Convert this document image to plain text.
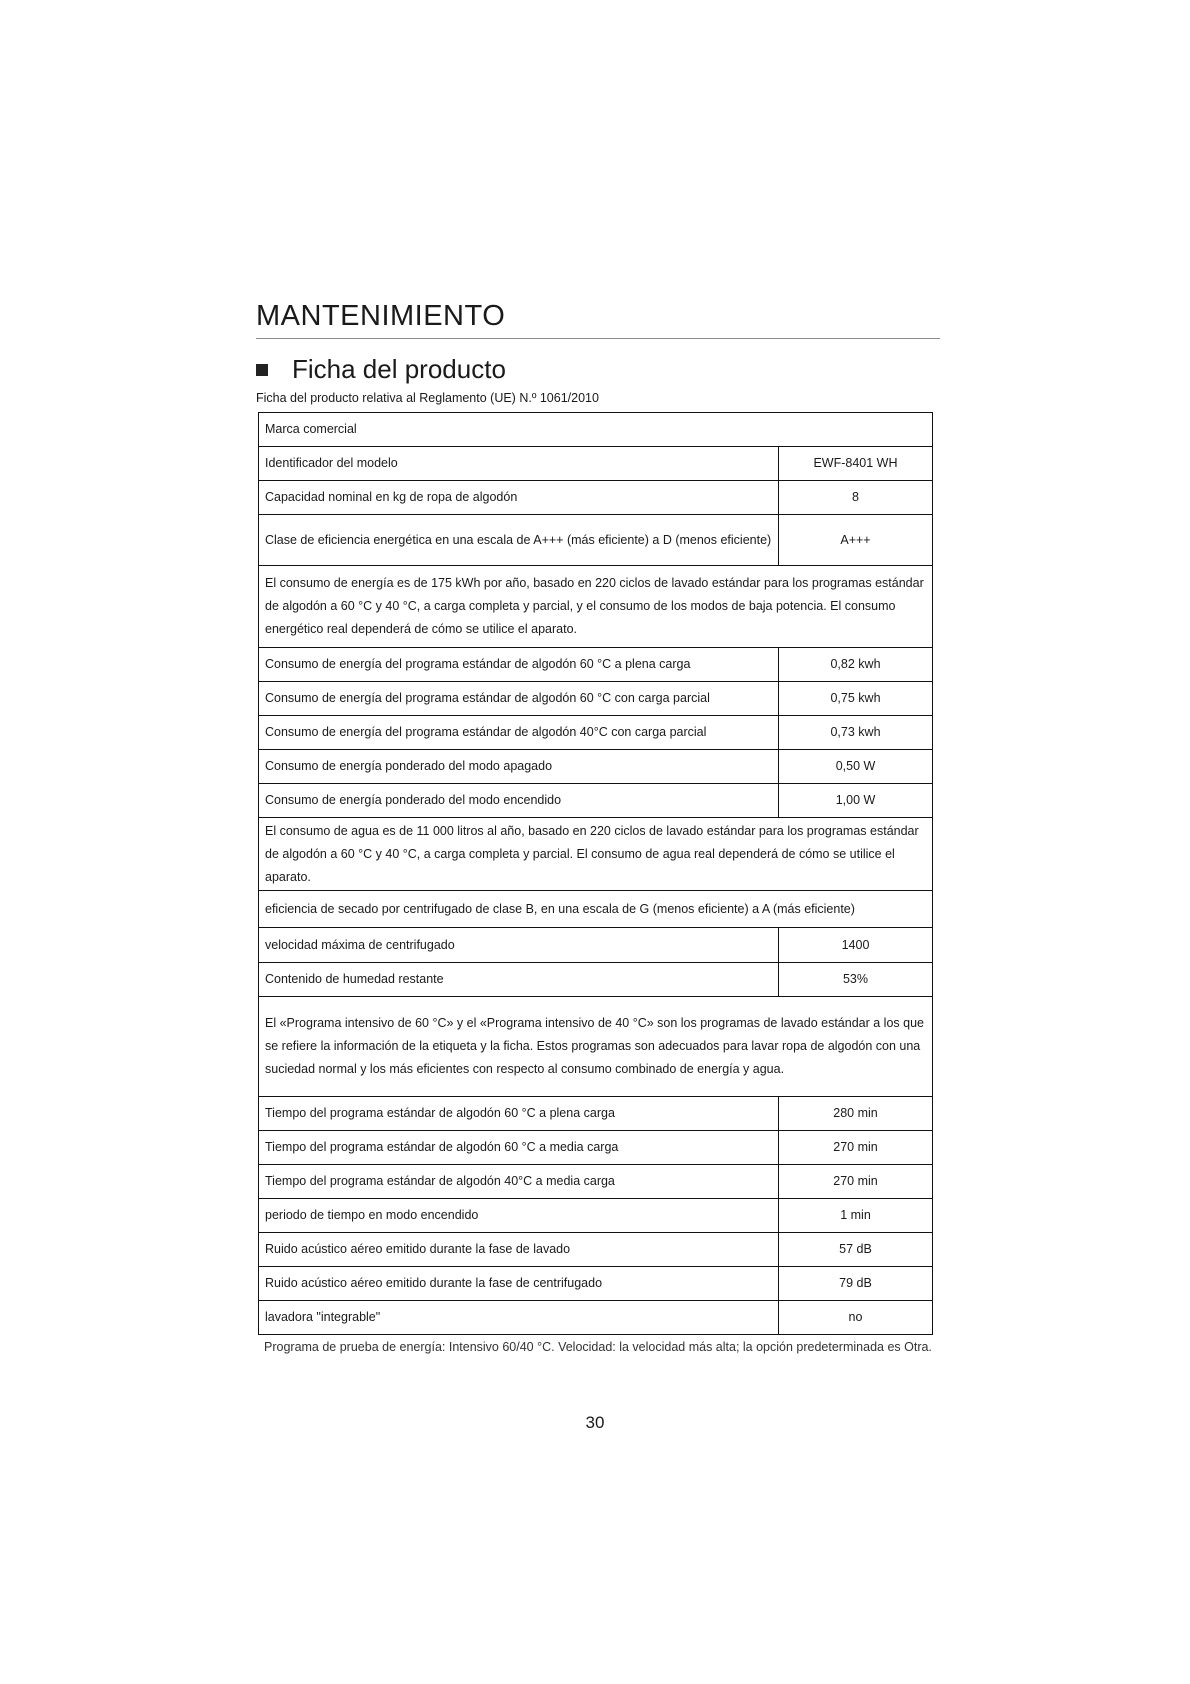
MANTENIMIENTO
Ficha del producto
Ficha del producto relativa al Reglamento (UE) N.º 1061/2010
Marca comercial	
Identificador del modelo	EWF-8401 WH
Capacidad nominal en kg de ropa de algodón	8
Clase de eficiencia energética en una escala de A+++ (más eficiente) a D (menos eficiente)	A+++
El consumo de energía es de 175 kWh por año, basado en 220 ciclos de lavado estándar para los programas estándar de algodón a 60 °C y 40 °C, a carga completa y parcial, y el consumo de los modos de baja potencia. El consumo energético real dependerá de cómo se utilice el aparato.	
Consumo de energía del programa estándar de algodón 60 °C a plena carga	0,82 kwh
Consumo de energía del programa estándar de algodón 60 °C con carga parcial	0,75 kwh
Consumo de energía del programa estándar de algodón 40°C con carga parcial	0,73 kwh
Consumo de energía ponderado del modo apagado	0,50 W
Consumo de energía ponderado del modo encendido	1,00 W
El consumo de agua es de 11 000 litros al año, basado en 220 ciclos de lavado estándar para los programas estándar de algodón a 60 °C y 40 °C, a carga completa y parcial. El consumo de agua real dependerá de cómo se utilice el aparato.	
eficiencia de secado por centrifugado de clase B, en una escala de G (menos eficiente) a A (más eficiente)	
velocidad máxima de centrifugado	1400
Contenido de humedad restante	53%
El «Programa intensivo de 60 °C» y el «Programa intensivo de 40 °C» son los programas de lavado estándar a los que se refiere la información de la etiqueta y la ficha. Estos programas son adecuados para lavar ropa de algodón con una suciedad normal y los más eficientes con respecto al consumo combinado de energía y agua.	
Tiempo del programa estándar de algodón 60 °C a plena carga	280 min
Tiempo del programa estándar de algodón 60 °C a media carga	270 min
Tiempo del programa estándar de algodón 40°C a media carga	270 min
periodo de tiempo en modo encendido	1 min
Ruido acústico aéreo emitido durante la fase de lavado	57 dB
Ruido acústico aéreo emitido durante la fase de centrifugado	79 dB
lavadora "integrable"	no
Programa de prueba de energía: Intensivo 60/40 °C. Velocidad: la velocidad más alta; la opción predeterminada es Otra.
30
